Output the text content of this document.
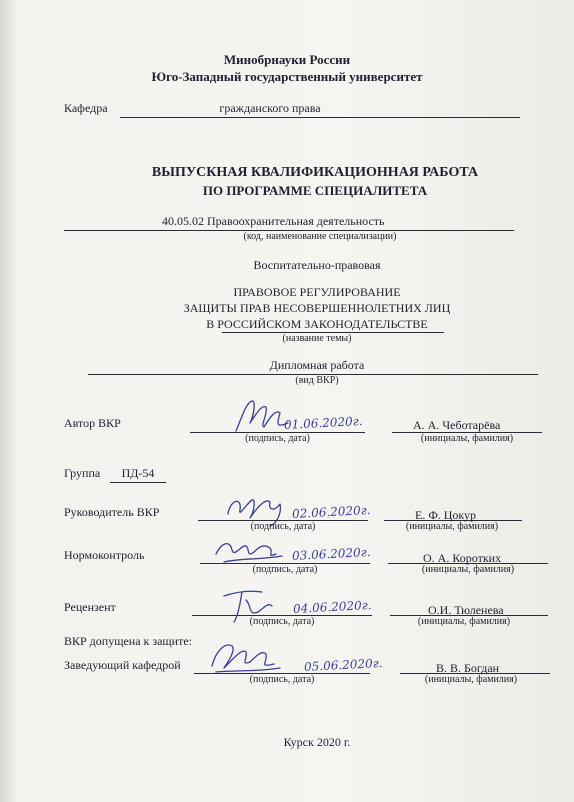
Минобрнауки России
Юго-Западный государственный университет
Кафедра	гражданского права
ВЫПУСКНАЯ КВАЛИФИКАЦИОННАЯ РАБОТА
ПО ПРОГРАММЕ СПЕЦИАЛИТЕТА
40.05.02 Правоохранительная деятельность
(код, наименование специализации)
Воспитательно-правовая
ПРАВОВОЕ РЕГУЛИРОВАНИЕ
ЗАЩИТЫ ПРАВ НЕСОВЕРШЕННОЛЕТНИХ ЛИЦ
В РОССИЙСКОМ ЗАКОНОДАТЕЛЬСТВЕ
(название темы)
Дипломная работа
(вид ВКР)
Автор ВКР	01.06.2020г.
(подпись, дата)
А. А. Чеботарёва
(инициалы, фамилия)
Группа	ПД-54
Руководитель ВКР	02.06.2020г.
(подпись, дата)
Е. Ф. Цокур
(инициалы, фамилия)
Нормоконтроль	03.06.2020г.
(подпись, дата)
О. А. Коротких
(инициалы, фамилия)
Рецензент	04.06.2020г.
(подпись, дата)
О.И. Тюленева
(инициалы, фамилия)
ВКР допущена к защите:
Заведующий кафедрой	05.06.2020г.
(подпись, дата)
В. В. Богдан
(инициалы, фамилия)
Курск 2020 г.
